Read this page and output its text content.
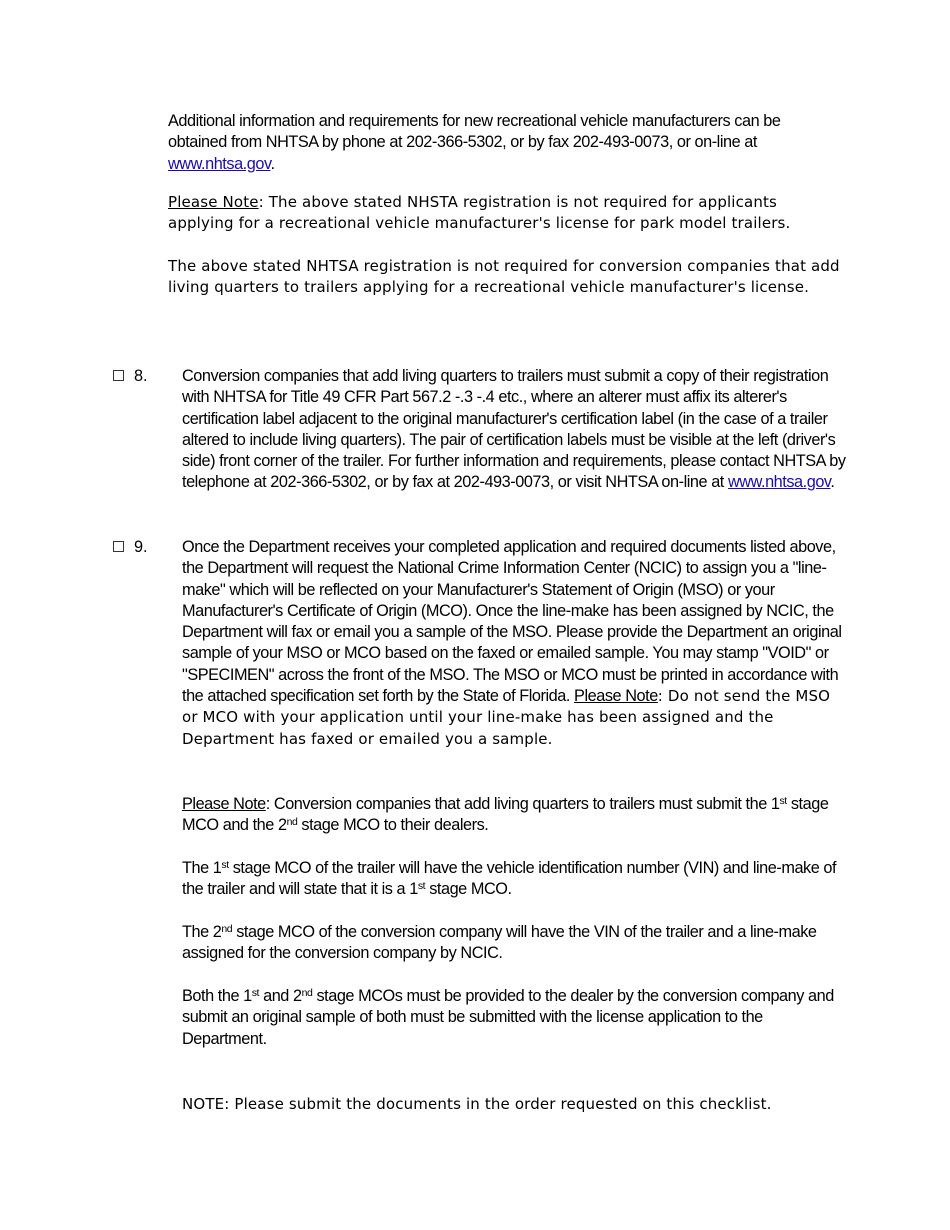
Additional information and requirements for new recreational vehicle manufacturers can be obtained from NHTSA by phone at 202-366-5302, or by fax 202-493-0073, or on-line at www.nhtsa.gov.
Please Note: The above stated NHSTA registration is not required for applicants applying for a recreational vehicle manufacturer's license for park model trailers.
The above stated NHTSA registration is not required for conversion companies that add living quarters to trailers applying for a recreational vehicle manufacturer's license.
8. Conversion companies that add living quarters to trailers must submit a copy of their registration with NHTSA for Title 49 CFR Part 567.2 -.3 -.4 etc., where an alterer must affix its alterer's certification label adjacent to the original manufacturer's certification label (in the case of a trailer altered to include living quarters). The pair of certification labels must be visible at the left (driver's side) front corner of the trailer. For further information and requirements, please contact NHTSA by telephone at 202-366-5302, or by fax at 202-493-0073, or visit NHTSA on-line at www.nhtsa.gov.
9. Once the Department receives your completed application and required documents listed above, the Department will request the National Crime Information Center (NCIC) to assign you a "line-make" which will be reflected on your Manufacturer's Statement of Origin (MSO) or your Manufacturer's Certificate of Origin (MCO). Once the line-make has been assigned by NCIC, the Department will fax or email you a sample of the MSO. Please provide the Department an original sample of your MSO or MCO based on the faxed or emailed sample. You may stamp "VOID" or "SPECIMEN" across the front of the MSO. The MSO or MCO must be printed in accordance with the attached specification set forth by the State of Florida. Please Note: Do not send the MSO or MCO with your application until your line-make has been assigned and the Department has faxed or emailed you a sample.
Please Note: Conversion companies that add living quarters to trailers must submit the 1st stage MCO and the 2nd stage MCO to their dealers.
The 1st stage MCO of the trailer will have the vehicle identification number (VIN) and line-make of the trailer and will state that it is a 1st stage MCO.
The 2nd stage MCO of the conversion company will have the VIN of the trailer and a line-make assigned for the conversion company by NCIC.
Both the 1st and 2nd stage MCOs must be provided to the dealer by the conversion company and submit an original sample of both must be submitted with the license application to the Department.
NOTE: Please submit the documents in the order requested on this checklist.
